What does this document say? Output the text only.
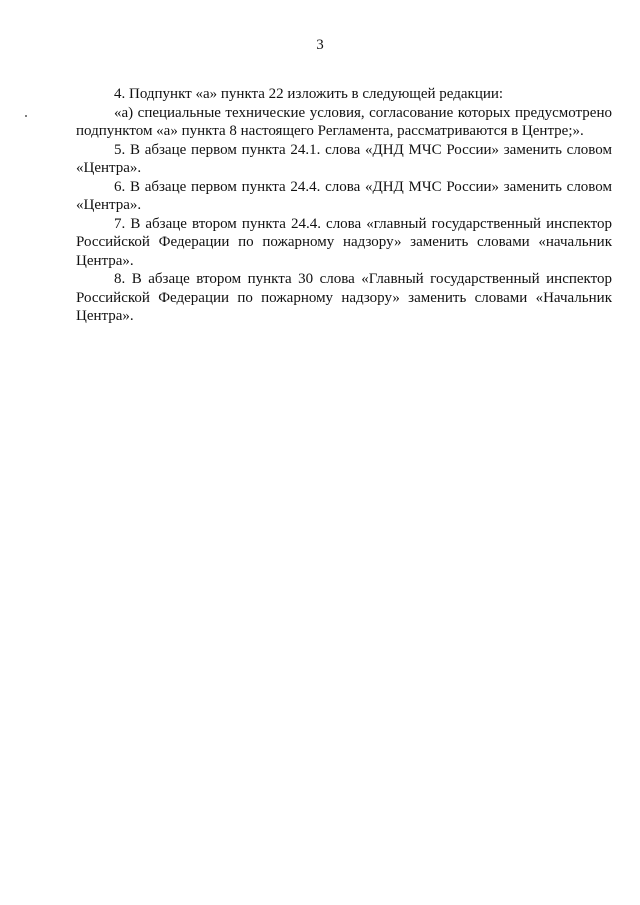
3

4. Подпункт «а» пункта 22 изложить в следующей редакции:

«а) специальные технические условия, согласование которых предусмотрено подпунктом «а» пункта 8 настоящего Регламента, рассматриваются в Центре;».

5. В абзаце первом пункта 24.1. слова «ДНД МЧС России» заменить словом «Центра».

6. В абзаце первом пункта 24.4. слова «ДНД МЧС России» заменить словом «Центра».

7. В абзаце втором пункта 24.4. слова «главный государственный инспектор Российской Федерации по пожарному надзору» заменить словами «начальник Центра».

8. В абзаце втором пункта 30 слова «Главный государственный инспектор Российской Федерации по пожарному надзору» заменить словами «Начальник Центра».
